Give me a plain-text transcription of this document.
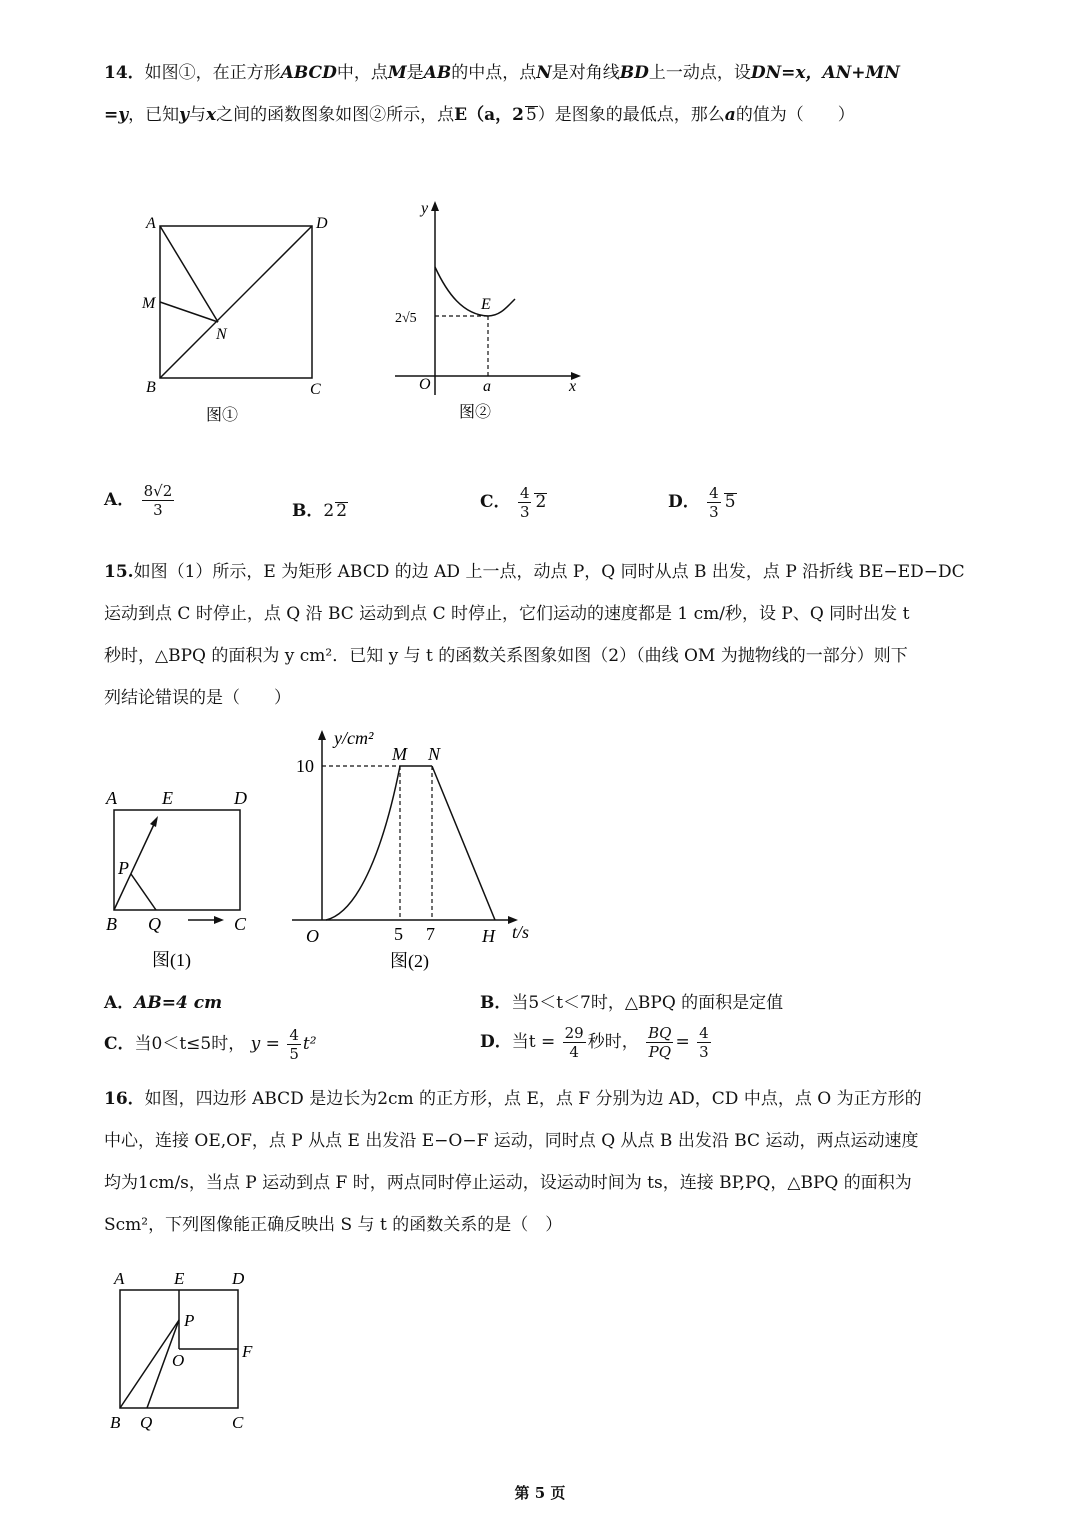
14．如图①，在正方形ABCD中，点M是AB的中点，点N是对角线BD上一动点，设DN=x，AN+MN
=y，已知y与x之间的函数图象如图②所示，点E（a，2 5）是图象的最低点，那么a的值为（　　）
A	D
M
N
B	C
图①
y
E
2√5
O	a	x
图②
A． $\frac{8√2}{3}$	B．2 2	C． $\frac{4}{3} 2$	D． $\frac{4}{3} 5$
15.如图（1）所示，E 为矩形 ABCD 的边 AD 上一点，动点 P，Q 同时从点 B 出发，点 P 沿折线 BE−ED−DC
运动到点 C 时停止，点 Q 沿 BC 运动到点 C 时停止，它们运动的速度都是 1 cm/秒，设 P、Q 同时出发 t
秒时，△BPQ 的面积为 y cm²．已知 y 与 t 的函数关系图象如图（2）（曲线 OM 为抛物线的一部分）则下
列结论错误的是（　　）
A	E	D
P
B Q	C
图(1)
y/cm²
M N
10
O	5 7	H t/s
图(2)
A．AB=4 cm	B．当5＜t＜7时，△BPQ 的面积是定值
C．当0＜t≤5时， $y = \frac{4}{5} t^2$	D．当$t = \frac{29}{4}$ 秒时， $\frac{BQ}{PQ} = \frac{4}{3}$
16．如图，四边形 ABCD 是边长为2cm 的正方形，点 E，点 F 分别为边 AD，CD 中点，点 O 为正方形的
中心，连接 OE,OF，点 P 从点 E 出发沿 E−O−F 运动，同时点 Q 从点 B 出发沿 BC 运动，两点运动速度
均为1cm/s，当点 P 运动到点 F 时，两点同时停止运动，设运动时间为 ts，连接 BP,PQ，△BPQ 的面积为
Scm²，下列图像能正确反映出 S 与 t 的函数关系的是（　）
A	E	D
P
F
O
B Q	C
第 5 页
